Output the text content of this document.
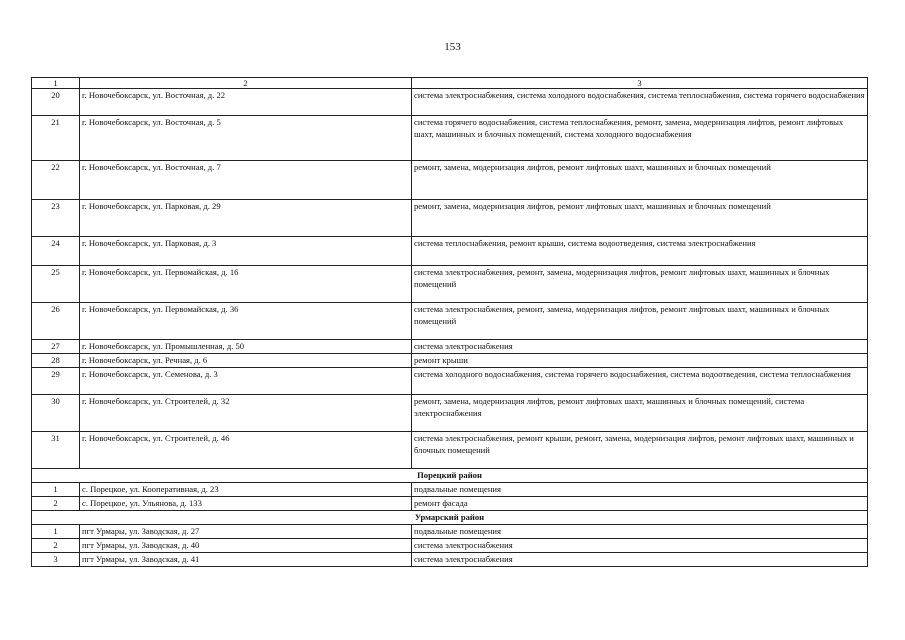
153
1	2	3
20	г. Новочебоксарск, ул. Восточная, д. 22	система электроснабжения, система холодного водоснабжения, система теплоснабжения, система горячего водоснабжения
21	г. Новочебоксарск, ул. Восточная, д. 5	система горячего водоснабжения, система теплоснабжения, ремонт, замена, модернизация лифтов, ремонт лифтовых шахт, машинных и блочных помещений, система холодного водоснабжения
22	г. Новочебоксарск, ул. Восточная, д. 7	ремонт, замена, модернизация лифтов, ремонт лифтовых шахт, машинных и блочных помещений
23	г. Новочебоксарск, ул. Парковая, д. 29	ремонт, замена, модернизация лифтов, ремонт лифтовых шахт, машинных и блочных помещений
24	г. Новочебоксарск, ул. Парковая, д. 3	система теплоснабжения, ремонт крыши, система водоотведения, система электроснабжения
25	г. Новочебоксарск, ул. Первомайская, д. 16	система электроснабжения, ремонт, замена, модернизация лифтов, ремонт лифтовых шахт, машинных и блочных помещений
26	г. Новочебоксарск, ул. Первомайская, д. 36	система электроснабжения, ремонт, замена, модернизация лифтов, ремонт лифтовых шахт, машинных и блочных помещений
27	г. Новочебоксарск, ул. Промышленная, д. 50	система электроснабжения
28	г. Новочебоксарск, ул. Речная, д. 6	ремонт крыши
29	г. Новочебоксарск, ул. Семенова, д. 3	система холодного водоснабжения, система горячего водоснабжения, система водоотведения, система теплоснабжения
30	г. Новочебоксарск, ул. Строителей, д. 32	ремонт, замена, модернизация лифтов, ремонт лифтовых шахт, машинных и блочных помещений, система электроснабжения
31	г. Новочебоксарск, ул. Строителей, д. 46	система электроснабжения, ремонт крыши, ремонт, замена, модернизация лифтов, ремонт лифтовых шахт, машинных и блочных помещений
Порецкий район		
1	с. Порецкое, ул. Кооперативная, д. 23	подвальные помещения
2	с. Порецкое, ул. Ульянова, д. 133	ремонт фасада
Урмарский район		
1	пгт Урмары, ул. Заводская, д. 27	подвальные помещения
2	пгт Урмары, ул. Заводская, д. 40	система электроснабжения
3	пгт Урмары, ул. Заводская, д. 41	система электроснабжения
